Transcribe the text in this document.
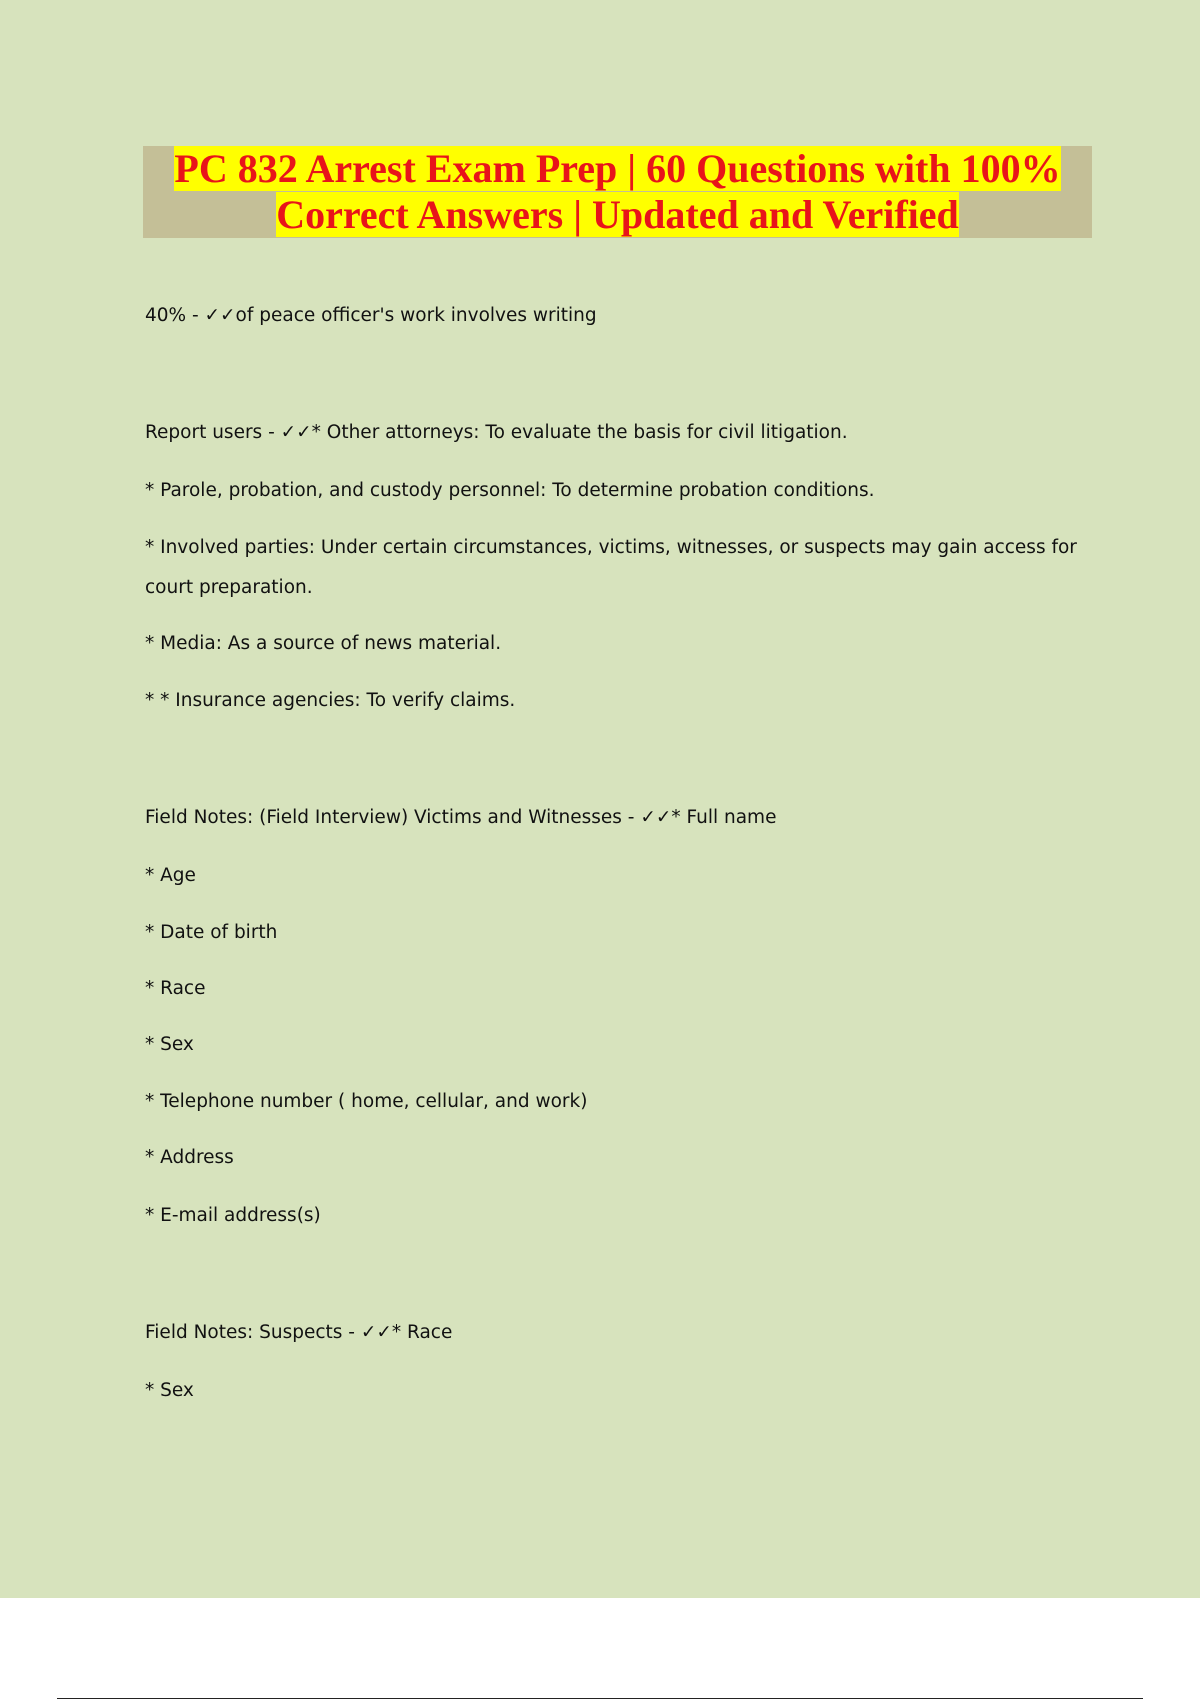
PC 832 Arrest Exam Prep | 60 Questions with 100%
Correct Answers | Updated and Verified

40% - ✓✓of peace officer's work involves writing

Report users - ✓✓* Other attorneys: To evaluate the basis for civil litigation.

* Parole, probation, and custody personnel: To determine probation conditions.

* Involved parties: Under certain circumstances, victims, witnesses, or suspects may gain access for

court preparation.

* Media: As a source of news material.

* * Insurance agencies: To verify claims.

Field Notes: (Field Interview) Victims and Witnesses - ✓✓* Full name

* Age

* Date of birth

* Race

* Sex

* Telephone number ( home, cellular, and work)

* Address

* E-mail address(s)

Field Notes: Suspects - ✓✓* Race

* Sex
